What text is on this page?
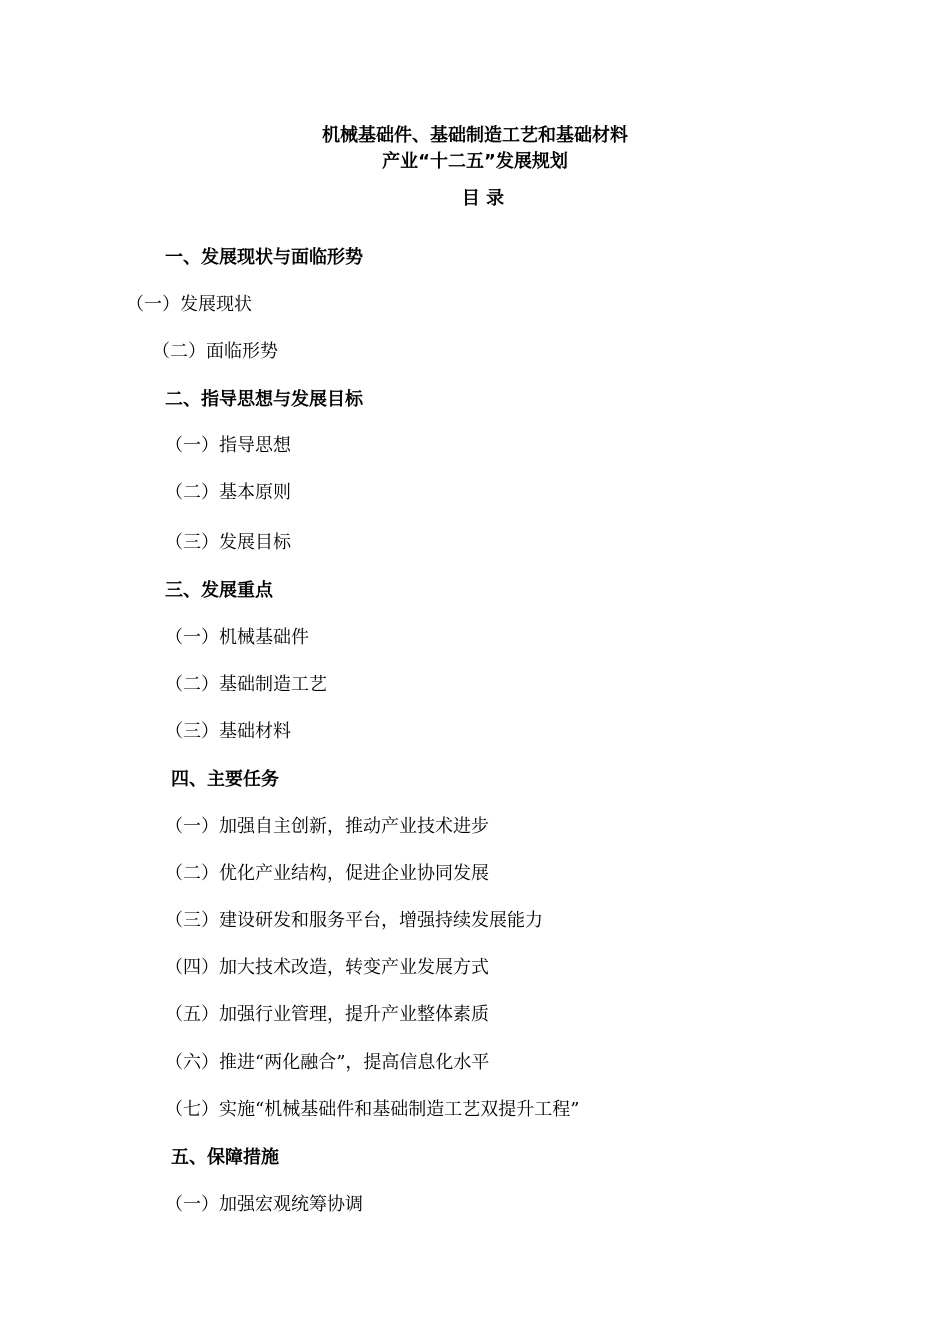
机械基础件、基础制造工艺和基础材料
产业“十二五”发展规划
目 录
一、发展现状与面临形势
（一）发展现状
（二）面临形势
二、指导思想与发展目标
（一）指导思想
（二）基本原则
（三）发展目标
三、发展重点
（一）机械基础件
（二）基础制造工艺
（三）基础材料
四、主要任务
（一）加强自主创新，推动产业技术进步
（二）优化产业结构，促进企业协同发展
（三）建设研发和服务平台，增强持续发展能力
（四）加大技术改造，转变产业发展方式
（五）加强行业管理，提升产业整体素质
（六）推进“两化融合”，提高信息化水平
（七）实施“机械基础件和基础制造工艺双提升工程”
五、保障措施
（一）加强宏观统筹协调
